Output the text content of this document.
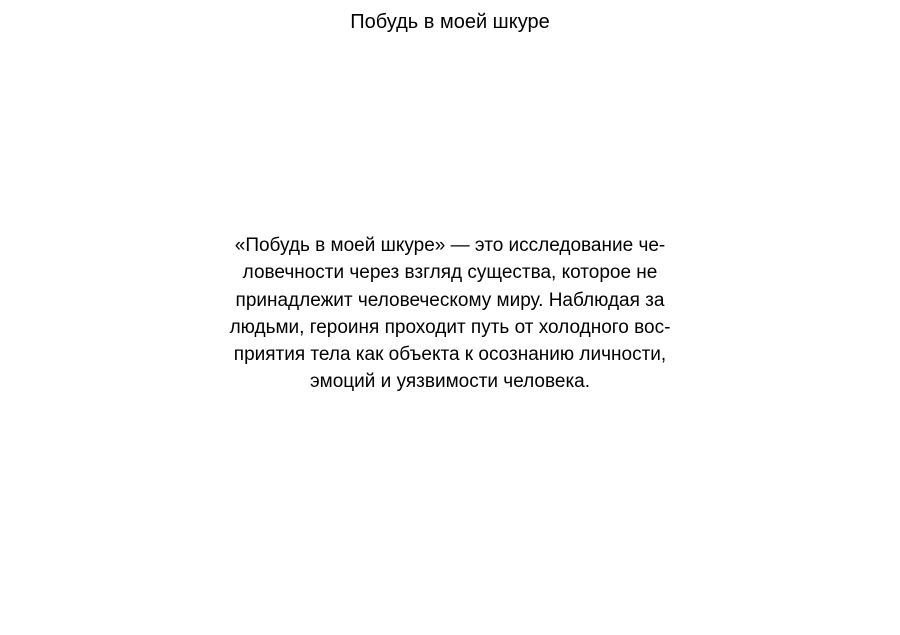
Побудь в моей шкуре
«Побудь в моей шкуре» — это исследование че-
ловечности через взгляд существа, которое не
принадлежит человеческому миру. Наблюдая за
людьми, героиня проходит путь от холодного вос-
приятия тела как объекта к осознанию личности,
эмоций и уязвимости человека.
